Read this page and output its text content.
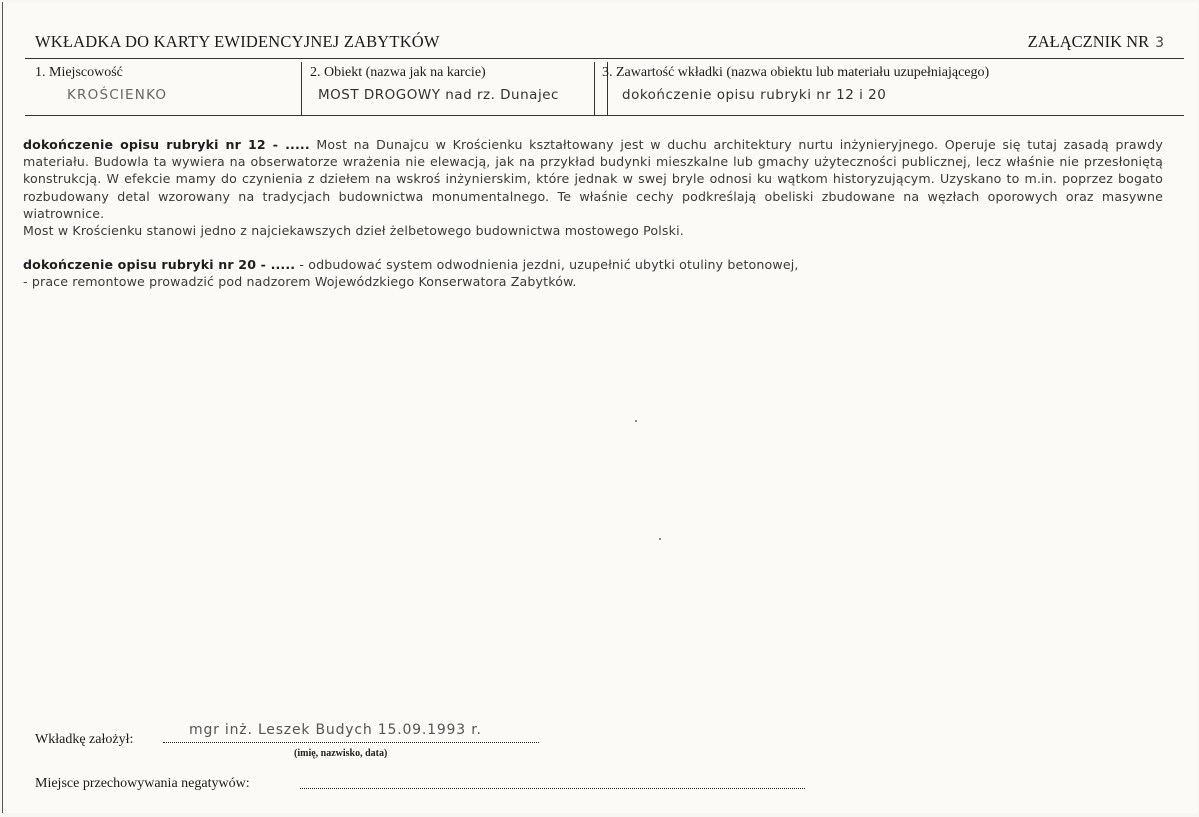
WKŁADKA DO KARTY EWIDENCYJNEJ ZABYTKÓW	ZAŁĄCZNIK NR 3
1. Miejscowość
KROŚCIENKO
2. Obiekt (nazwa jak na karcie)
MOST DROGOWY nad rz. Dunajec
3. Zawartość wkładki (nazwa obiektu lub materiału uzupełniającego)
dokończenie opisu rubryki nr 12 i 20

dokończenie opisu rubryki nr 12 - ..... Most na Dunajcu w Krościenku kształtowany jest w duchu architektury nurtu inżynieryjnego. Operuje się tutaj zasadą prawdy materiału. Budowla ta wywiera na obserwatorze wrażenia nie elewacją, jak na przykład budynki mieszkalne lub gmachy użyteczności publicznej, lecz właśnie nie przesłoniętą konstrukcją. W efekcie mamy do czynienia z dziełem na wskroś inżynierskim, które jednak w swej bryle odnosi ku wątkom historyzującym. Uzyskano to m.in. poprzez bogato rozbudowany detal wzorowany na tradycjach budownictwa monumentalnego. Te właśnie cechy podkreślają obeliski zbudowane na węzłach oporowych oraz masywne wiatrownice.

Most w Krościenku stanowi jedno z najciekawszych dzieł żelbetowego budownictwa mostowego Polski.

dokończenie opisu rubryki nr 20 - ..... - odbudować system odwodnienia jezdni, uzupełnić ubytki otuliny betonowej,

- prace remontowe prowadzić pod nadzorem Wojewódzkiego Konserwatora Zabytków.

Wkładkę założył:
mgr inż. Leszek Budych 15.09.1993 r.
(imię, nazwisko, data)
Miejsce przechowywania negatywów:
